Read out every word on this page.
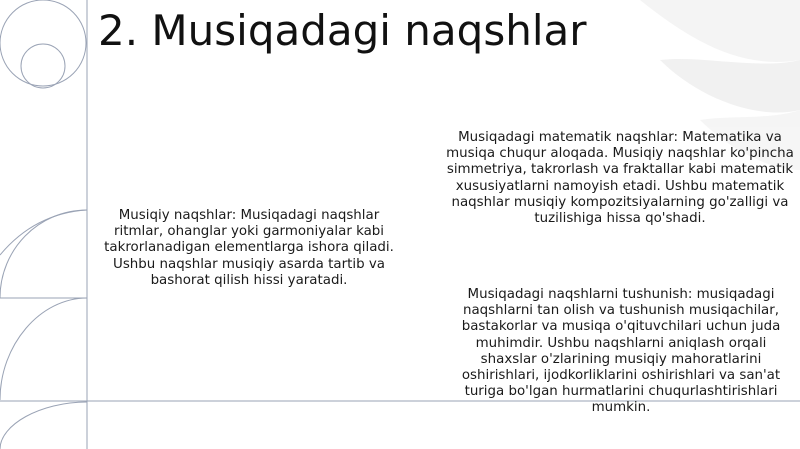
2. Musiqadagi naqshlar

Musiqiy naqshlar: Musiqadagi naqshlar ritmlar, ohanglar yoki garmoniyalar kabi takrorlanadigan elementlarga ishora qiladi. Ushbu naqshlar musiqiy asarda tartib va bashorat qilish hissi yaratadi.

Musiqadagi matematik naqshlar: Matematika va musiqa chuqur aloqada. Musiqiy naqshlar ko'pincha simmetriya, takrorlash va fraktallar kabi matematik xususiyatlarni namoyish etadi. Ushbu matematik naqshlar musiqiy kompozitsiyalarning go'zalligi va tuzilishiga hissa qo'shadi.

Musiqadagi naqshlarni tushunish: musiqadagi naqshlarni tan olish va tushunish musiqachilar, bastakorlar va musiqa o'qituvchilari uchun juda muhimdir. Ushbu naqshlarni aniqlash orqali shaxslar o'zlarining musiqiy mahoratlarini oshirishlari, ijodkorliklarini oshirishlari va san'at turiga bo'lgan hurmatlarini chuqurlashtirishlari mumkin.
